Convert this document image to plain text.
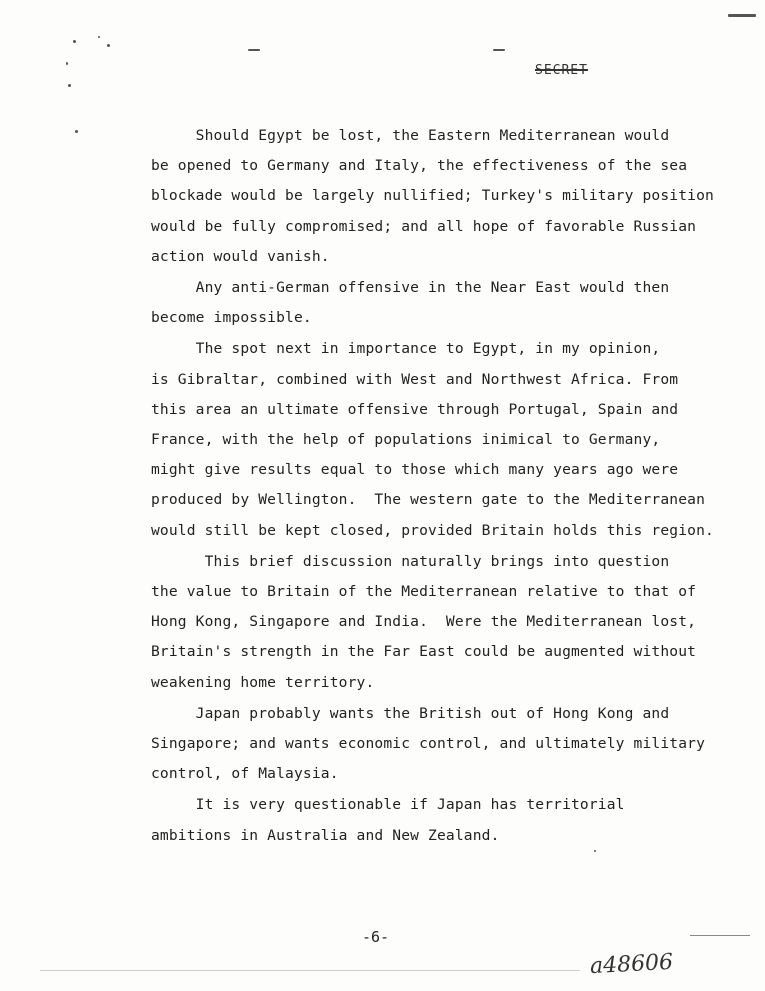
SECRET
Should Egypt be lost, the Eastern Mediterranean would
be opened to Germany and Italy, the effectiveness of the sea
blockade would be largely nullified; Turkey's military position
would be fully compromised; and all hope of favorable Russian
action would vanish.
Any anti-German offensive in the Near East would then
become impossible.
The spot next in importance to Egypt, in my opinion,
is Gibraltar, combined with West and Northwest Africa. From
this area an ultimate offensive through Portugal, Spain and
France, with the help of populations inimical to Germany,
might give results equal to those which many years ago were
produced by Wellington.  The western gate to the Mediterranean
would still be kept closed, provided Britain holds this region.
This brief discussion naturally brings into question
the value to Britain of the Mediterranean relative to that of
Hong Kong, Singapore and India.  Were the Mediterranean lost,
Britain's strength in the Far East could be augmented without
weakening home territory.
Japan probably wants the British out of Hong Kong and
Singapore; and wants economic control, and ultimately military
control, of Malaysia.
It is very questionable if Japan has territorial
ambitions in Australia and New Zealand.
-6-
a48606
